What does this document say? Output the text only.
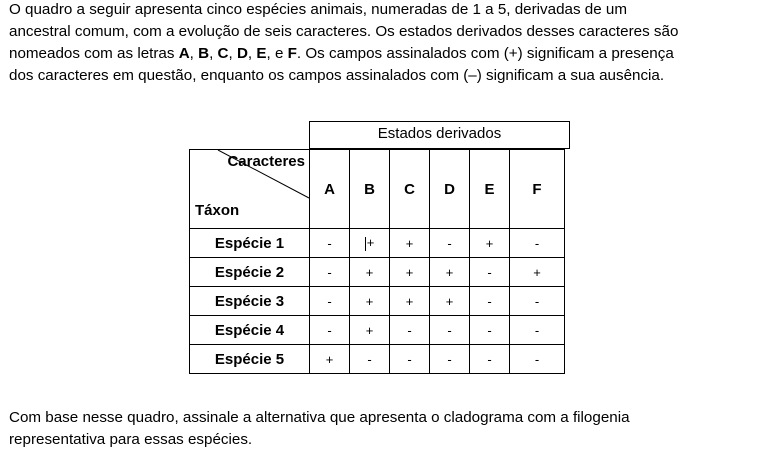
O quadro a seguir apresenta cinco espécies animais, numeradas de 1 a 5, derivadas de um
ancestral comum, com a evolução de seis caracteres. Os estados derivados desses caracteres são
nomeados com as letras A, B, C, D, E, e F. Os campos assinalados com (+) significam a presença
dos caracteres em questão, enquanto os campos assinalados com (–) significam a sua ausência.

Estados derivados
Caracteres
Táxon	A	B	C	D	E	F
Espécie 1	-	+	+	-	+	-
Espécie 2	-	+	+	+	-	+
Espécie 3	-	+	+	+	-	-
Espécie 4	-	+	-	-	-	-
Espécie 5	+	-	-	-	-	-

Com base nesse quadro, assinale a alternativa que apresenta o cladograma com a filogenia
representativa para essas espécies.
